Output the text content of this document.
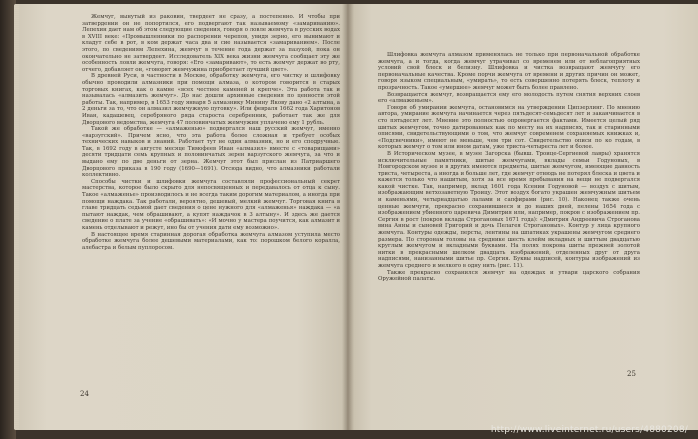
Жемчуг, вынутый из раковин, твердеет не сразу, а постепенно. И чтобы при затвердении он не попортился, его подвергают так называемому «замариванию». Лепехин дает нам об этом следующие сведения, говоря о ловле жемчуга в русских водах в XVIII веке: «Промышленники по распорении черепов, увидя зерно, его вынимают и кладут себе в рот, в ком держат часа два и сие называется «замариванием». После этого, по сведениям Лепехина, жемчуг в течение года держат за пазухой, пока он окончательно не затвердеет. Исследователь XIX века жизни жемчуга сообщает эту же особенность ловли жемчуга, говоря: «Его «замаривают», то есть жемчуг держат во рту, отчего, добавляет он, «говорят жемчужина приобретает лучший цвет».

В древней Руси, в частности в Москве, обработку жемчуга, его чистку и шлифовку обычно проводили алмазники при помощи алмаза, о котором говорится в старых торговых книгах, как о камне «всех честнее каменей и крепче». Эта работа так и называлась «алмазить жемчуг». До нас дошли архивные сведения по ценности этой работы. Так, например, в 1653 году января 5 алмазнику Минину Якову дано «2 алтына, а 2 деньги за то, что он алмазил жемчужную пуговку». Или февраля 1662 года Харитонов Иван, кадашевец, серебряного ряда староста серебренник, работает так же для Дворцового ведомства, жемчуга 47 половинчатых жемчужин уплачено ему 1 рубль.

Такой же обработке — «алмаженью» подвергался наш русский жемчуг, именно «варзугский». Причем ясно, что эта работа более сложная и требует особых технических навыков и знаний. Работает тут не один алмазник, но и его сподручные. Так, в 1692 году в августе месяце Тимофеев Иван «алмазил» вместе с «товарищами» десяти тридцати семь крупных и половинчатых зерен варзугского жемчуга, за что и выдано ему по две деньги от зерна. Жемчуг этот был прислан из Патриаршего Дворцового приказа в 190 году (1690—1691). Отсюда видно, что алмазники работали коллективно.

Способы чистки и шлифовки жемчуга составляли профессиональный секрет мастерства, которое было скрыто для непосвященных и передавалось от отца к сыну. Такое «алмаженье» производилось и не всегда таким дорогим материалом, а иногда при помощи наждака. Так работали, вероятно, дешевый, мелкий жемчуг. Торговая книга в главе тридцать седьмой дает сведения о цене нужного для «алмаженья» наждака — «а пытают наждак, чем обрашивают, а купят наждачок в 3 алтыну». И здесь же дается сведение о плате за учение «обрашивать»: «И мочно у мастера поучится, как алмазит и камень отделывают и режут, ино бы от учения дати ему возможно».

В настоящее время старинная дорогая обработка жемчуга алмазом уступила место обработке жемчуга более дешевыми материалами, как то: порошком белого коралла, алебастра и белым пуплоросом.

24

Шлифовка жемчуга алмазом применялась не только при первоначальной обработке жемчуга, а и тогда, когда жемчуг утрачивал со временем или от неблагоприятных условий свой блеск и белизну. Шлифовка и чистка возвращают жемчугу его первоначальные качества. Кроме порчи жемчуга от времени и других причин он может, говоря языком специальным, «умирать», то есть совершенно потерять блеск, теплоту и прозрачность. Такое «умершее» жемчуг может быть более правлено.

Возвращается жемчуг, возвращается ему его молодость путем снятия верхних слоев его «алмаженьем».

Говоря об умирании жемчуга, остановимся на утверждении Ципзерлинг. По мнению автора, умирание жемчуга начинается через пятьдесят-семьдесят лет и заканчивается в сто пятьдесят лет. Мнение это полностью опровергается фактами. Имеется целый ряд шитых жемчугом, точно датированных как по месту на их надписях, так и старинными описями, свидетельствующими о том, что жемчуг современем сохраняемых книжках и, «Подсвечники», имеют не меньше, чем три сот. Свидетельство описи по ко годам, в которых жемчуг о том или ином датам, уже триста-четыреста лет и более.

В Историческом музее, в музее Загорска (бывш. Троице-Сергиевой лавры) хранятся исключительные памятники, шитые жемчугами, вклады семьи Годуновых, в Новгородском музее и в других имеются предметы, шитые жемчугом, имеющие давность триста, четыреста, а иногда и больше лет, где жемчуг отнюдь не потерял блеска и цвета и кажется только что нашитым, хотя за все время пребывания на вещи не подвергался какой чистке. Так, например, вклад 1601 года Ксении Годуновой — воздух с шитым, изображающим ветхозаветную Троицу. Этот воздух богато украшен жемчужным шитьем и каменьями, четырнадцатью лалами и сапфирами (рис. 10). Наконец также очень ценные жемчуги, прекрасно сохранившиеся и до наших дней, пелены 1654 года с изображением убиенного царевича Димитрия или, например, покров с изображением пр. Сергия в рост (покров вклада Строгановых 1671 года): «Дмитрия Андреевича Строганова вина Анны и сыновей Григорий и дочь Пелагея Строгановых». Контур у лица крупного жемчуга. Контуры одежды, персты, лентины на шпатиках украшены жемчугом среднего размера. По сторонам головы на среднике шесть клейм вкладных и шиттым двадцатью круглым жемчугом и вкладными буквами. На полях покрова шиты прежней золотой нитки в прекрасными шелком двадцать изображений, отделенных друг от друга надписями, нанизанными шитье пр. Сергия. Буквы надписей, контуры изображений из жемчуга среднего и мелкого в одну нить (рис. 11).

Также прекрасно сохранился жемчуг на одеждах и утвари царского собрания Оружейной палаты.

25
http://www.liveinternet.ru/users/4880208/
